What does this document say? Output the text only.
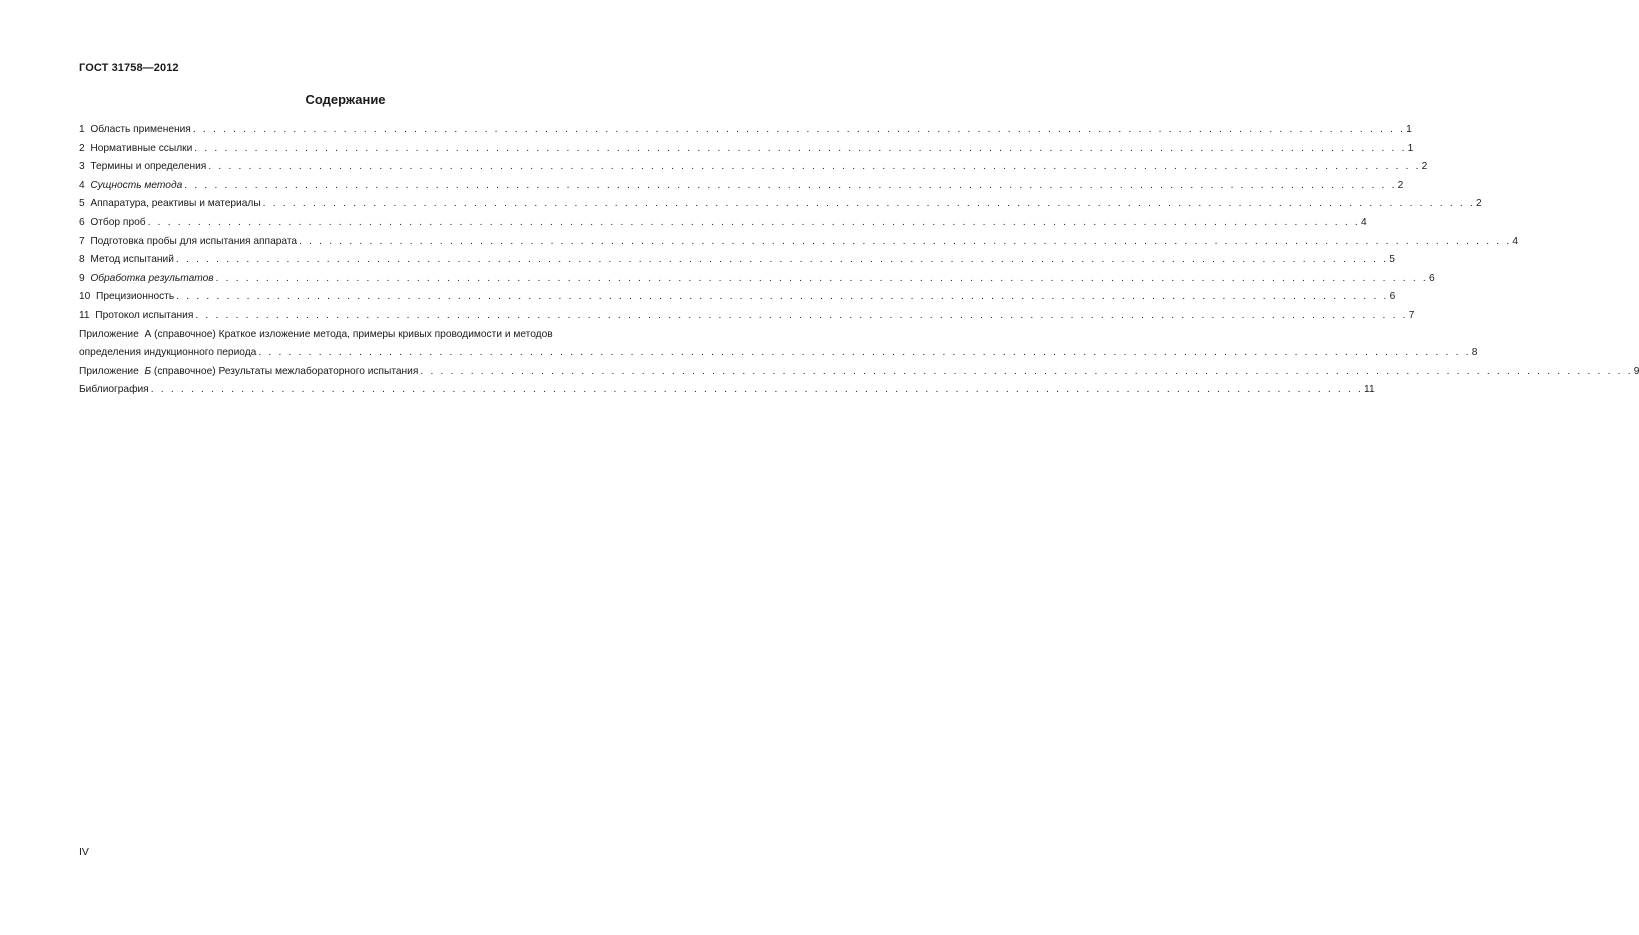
ГОСТ 31758—2012
Содержание
1 Область применения . . . . . . . . . . . . . . . . . . . . . . . . . . . . . . . . . . . . . . . . . . . . . . . . . . . . . . . . . . . . . . . . . . . . . . . . . . . . . . . . . . . . . . . . . . . . . . . . . . . . . . . . . . . . . . . . . . . . . . . . . 1
2 Нормативные ссылки . . . . . . . . . . . . . . . . . . . . . . . . . . . . . . . . . . . . . . . . . . . . . . . . . . . . . . . . . . . . . . . . . . . . . . . . . . . . . . . . . . . . . . . . . . . . . . . . . . . . . . . . . . . . . . . . . . . . . . . . . 1
3 Термины и определения . . . . . . . . . . . . . . . . . . . . . . . . . . . . . . . . . . . . . . . . . . . . . . . . . . . . . . . . . . . . . . . . . . . . . . . . . . . . . . . . . . . . . . . . . . . . . . . . . . . . . . . . . . . . . . . . . . . . . . . . . 2
4 Сущность метода . . . . . . . . . . . . . . . . . . . . . . . . . . . . . . . . . . . . . . . . . . . . . . . . . . . . . . . . . . . . . . . . . . . . . . . . . . . . . . . . . . . . . . . . . . . . . . . . . . . . . . . . . . . . . . . . . . . . . . . . . 2
5 Аппаратура, реактивы и материалы . . . . . . . . . . . . . . . . . . . . . . . . . . . . . . . . . . . . . . . . . . . . . . . . . . . . . . . . . . . . . . . . . . . . . . . . . . . . . . . . . . . . . . . . . . . . . . . . . . . . . . . . . . . . . . . . . . . . . . . . . 2
6 Отбор проб . . . . . . . . . . . . . . . . . . . . . . . . . . . . . . . . . . . . . . . . . . . . . . . . . . . . . . . . . . . . . . . . . . . . . . . . . . . . . . . . . . . . . . . . . . . . . . . . . . . . . . . . . . . . . . . . . . . . . . . . . 4
7 Подготовка пробы для испытания аппарата . . . . . . . . . . . . . . . . . . . . . . . . . . . . . . . . . . . . . . . . . . . . . . . . . . . . . . . . . . . . . . . . . . . . . . . . . . . . . . . . . . . . . . . . . . . . . . . . . . . . . . . . . . . . . . . . . . . . . . . . . 4
8 Метод испытаний . . . . . . . . . . . . . . . . . . . . . . . . . . . . . . . . . . . . . . . . . . . . . . . . . . . . . . . . . . . . . . . . . . . . . . . . . . . . . . . . . . . . . . . . . . . . . . . . . . . . . . . . . . . . . . . . . . . . . . . . . 5
9 Обработка результатов . . . . . . . . . . . . . . . . . . . . . . . . . . . . . . . . . . . . . . . . . . . . . . . . . . . . . . . . . . . . . . . . . . . . . . . . . . . . . . . . . . . . . . . . . . . . . . . . . . . . . . . . . . . . . . . . . . . . . . . . . 6
10 Прецизионность . . . . . . . . . . . . . . . . . . . . . . . . . . . . . . . . . . . . . . . . . . . . . . . . . . . . . . . . . . . . . . . . . . . . . . . . . . . . . . . . . . . . . . . . . . . . . . . . . . . . . . . . . . . . . . . . . . . . . . . . . 6
11 Протокол испытания . . . . . . . . . . . . . . . . . . . . . . . . . . . . . . . . . . . . . . . . . . . . . . . . . . . . . . . . . . . . . . . . . . . . . . . . . . . . . . . . . . . . . . . . . . . . . . . . . . . . . . . . . . . . . . . . . . . . . . . . . 7
Приложение А (справочное) Краткое изложение метода, примеры кривых проводимости и методов
определения индукционного периода . . . . . . . . . . . . . . . . . . . . . . . . . . . . . . . . . . . . . . . . . . . . . . . . . . . . . . . . . . . . . . . . . . . . . . . . . . . . . . . . . . . . . . . . . . . . . . . . . . . . . . . . . . . . . . . . . . . . . . . . . 8
Приложение Б (справочное) Результаты межлабораторного испытания . . . . . . . . . . . . . . . . . . . . . . . . . . . . . . . . . . . . . . . . . . . . . . . . . . . . . . . . . . . . . . . . . . . . . . . . . . . . . . . . . . . . . . . . . . . . . . . . . . . . . . . . . . . . . . . . . . . . . . . . . 9
Библиография . . . . . . . . . . . . . . . . . . . . . . . . . . . . . . . . . . . . . . . . . . . . . . . . . . . . . . . . . . . . . . . . . . . . . . . . . . . . . . . . . . . . . . . . . . . . . . . . . . . . . . . . . . . . . . . . . . . . . . . . . 11
IV
